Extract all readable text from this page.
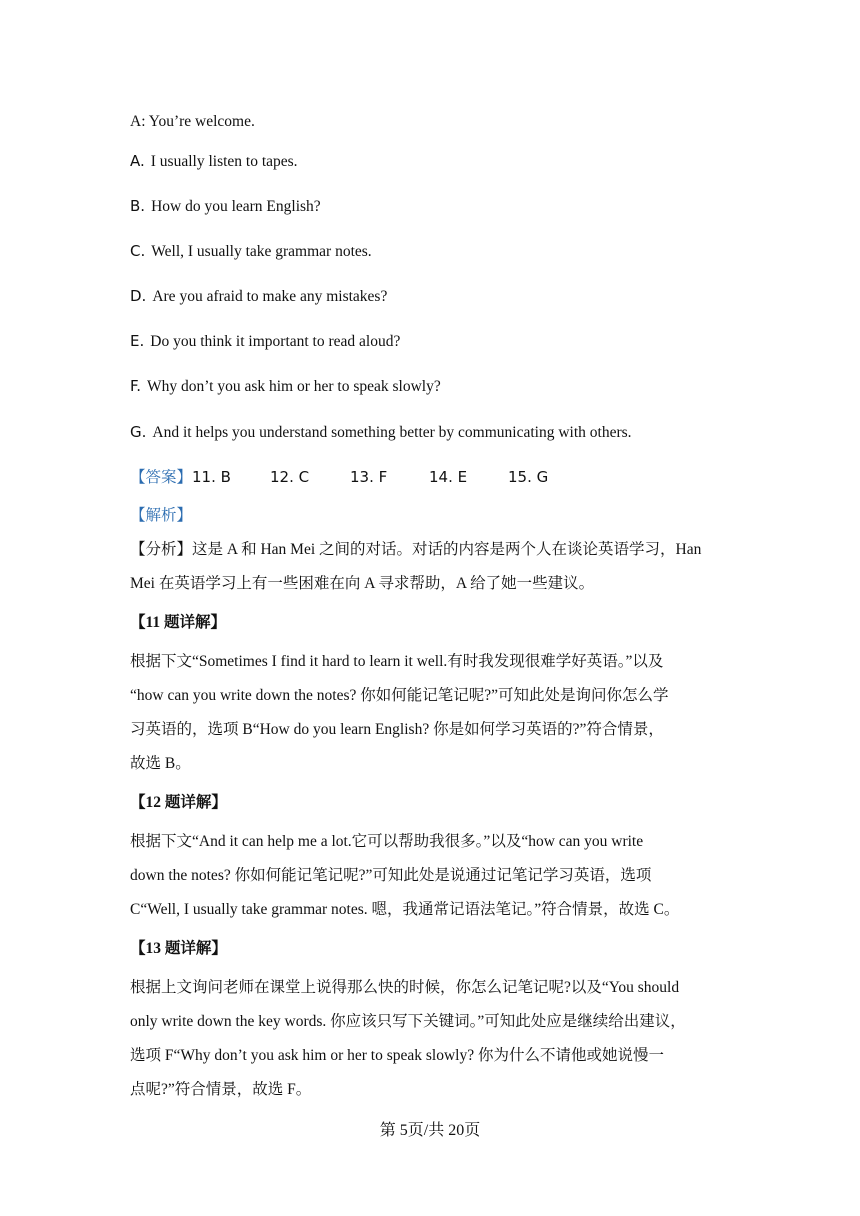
A: You’re welcome.
A. I usually listen to tapes.
B. How do you learn English?
C. Well, I usually take grammar notes.
D. Are you afraid to make any mistakes?
E. Do you think it important to read aloud?
F. Why don’t you ask him or her to speak slowly?
G. And it helps you understand something better by communicating with others.
【答案】11. B	12. C	13. F	14. E	15. G
【解析】
【分析】这是 A 和 Han Mei 之间的对话。对话的内容是两个人在谈论英语学习，Han
Mei 在英语学习上有一些困难在向 A 寻求帮助，A 给了她一些建议。
【11 题详解】
根据下文“Sometimes I find it hard to learn it well.有时我发现很难学好英语。”以及
“how can you write down the notes? 你如何能记笔记呢?”可知此处是询问你怎么学
习英语的，选项 B“How do you learn English? 你是如何学习英语的?”符合情景，
故选 B。
【12 题详解】
根据下文“And it can help me a lot.它可以帮助我很多。”以及“how can you write
down the notes? 你如何能记笔记呢?”可知此处是说通过记笔记学习英语，选项
C“Well, I usually take grammar notes. 嗯，我通常记语法笔记。”符合情景，故选 C。
【13 题详解】
根据上文询问老师在课堂上说得那么快的时候，你怎么记笔记呢?以及“You should
only write down the key words. 你应该只写下关键词。”可知此处应是继续给出建议，
选项 F“Why don’t you ask him or her to speak slowly? 你为什么不请他或她说慢一
点呢?”符合情景，故选 F。
第 5页/共 20页
